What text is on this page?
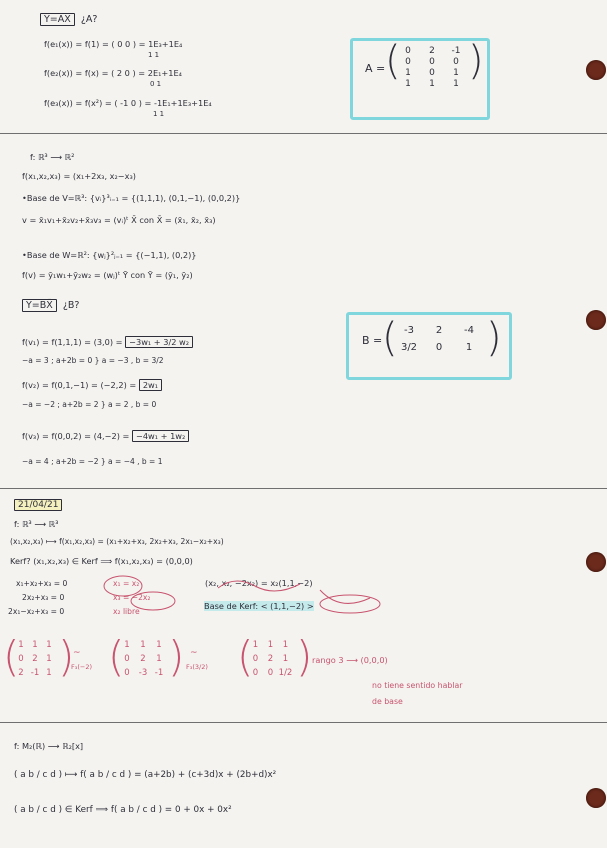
Y=AX ¿A?
f(e₁(x)) = f(1) = ( 0 0 ) = 1E₃+1E₄
1 1
f(e₂(x)) = f(x) = ( 2 0 ) = 2E₁+1E₄
0 1
f(e₃(x)) = f(x²) = ( -1 0 ) = -1E₁+1E₃+1E₄
1 1
A = ( 0	2	-1
0	0	0
1	0	1
1	1	1 )
f: ℝ³ ⟶ ℝ²
f(x₁,x₂,x₃) = (x₁+2x₃, x₂−x₃)
•Base de V=ℝ³: {vᵢ}³ᵢ₌₁ = {(1,1,1), (0,1,−1), (0,0,2)}
v = x̄₁v₁+x̄₂v₂+x̄₃v₃ = (vᵢ)ᵗ X̄ con X̄ = (x̄₁, x̄₂, x̄₃)
•Base de W=ℝ²: {wⱼ}²ⱼ₌₁ = {(−1,1), (0,2)}
f(v) = ȳ₁w₁+ȳ₂w₂ = (wⱼ)ᵗ Ȳ con Ȳ = (ȳ₁, ȳ₂)
Ȳ=BX̄ ¿B?
f(v₁) = f(1,1,1) = (3,0) = −3w₁ + 3/2 w₂
−a = 3 ; a+2b = 0 } a = −3 , b = 3/2
f(v₂) = f(0,1,−1) = (−2,2) = 2w₁
−a = −2 ; a+2b = 2 } a = 2 , b = 0
f(v₃) = f(0,0,2) = (4,−2) = −4w₁ + 1w₂
−a = 4 ; a+2b = −2 } a = −4 , b = 1
B = ( -3	2	-4
3/2	0	1 )
21/04/21
f: ℝ³ ⟶ ℝ³
(x₁,x₂,x₃) ⟼ f(x₁,x₂,x₃) = (x₁+x₂+x₃, 2x₂+x₃, 2x₁−x₂+x₃)
Kerf? (x₁,x₂,x₃) ∈ Kerf ⟹ f(x₁,x₂,x₃) = (0,0,0)
x₁+x₂+x₃ = 0
2x₂+x₃ = 0
2x₁−x₂+x₃ = 0
x₁ = x₂
x₃ = −2x₂
x₂ libre
(x₂, x₂, −2x₂) = x₂(1,1,−2)
Base de Kerf: < (1,1,−2) >
(
1	1	1
0	2	1
2 -1 1 )
~
F₃(−2) ( 1	1	1
0	2	1
0	-3 -1 ) ~
F₃(3/2) ( 1	1	1
0	2	1
0	0 1/2 ) rango 3 ⟶ (0,0,0)
no tiene sentido hablar
de base
f: M₂(ℝ) ⟶ ℝ₂[x]
( a b / c d ) ⟼ f( a b / c d ) = (a+2b) + (c+3d)x + (2b+d)x²
( a b / c d ) ∈ Kerf ⟹ f( a b / c d ) = 0 + 0x + 0x²
